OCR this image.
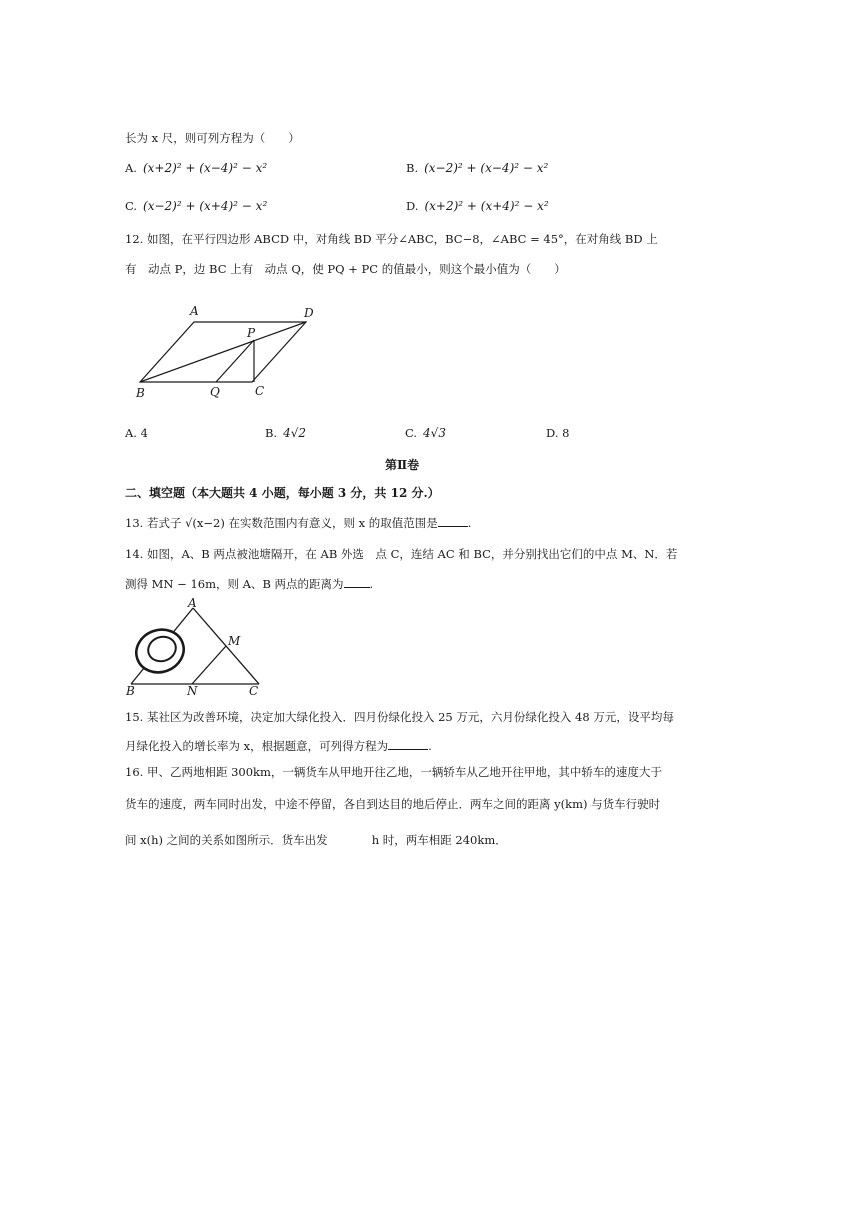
长为 x 尺，则可列方程为（　　）
A. (x+2)² + (x−4)² − x²	B. (x−2)² + (x−4)² − x²
C. (x−2)² + (x+4)² − x²	D. (x+2)² + (x+4)² − x²
12. 如图，在平行四边形 ABCD 中，对角线 BD 平分∠ABC，BC−8，∠ABC = 45°，在对角线 BD 上
有　动点 P，边 BC 上有　动点 Q，使 PQ + PC 的值最小，则这个最小值为（　　）
A	D
P
B	Q	C
A. 4	B. 4√2	C. 4√3	D. 8
第Ⅱ卷
二、填空题（本大题共 4 小题，每小题 3 分，共 12 分.）
13. 若式子 √(x−2) 在实数范围内有意义，则 x 的取值范围是	.
14. 如图，A、B 两点被池塘隔开，在 AB 外选　点 C，连结 AC 和 BC，并分别找出它们的中点 M、N．若
测得 MN − 16m，则 A、B 两点的距离为 .
A
M
B	N	C
15. 某社区为改善环境，决定加大绿化投入．四月份绿化投入 25 万元，六月份绿化投入 48 万元，设平均每
月绿化投入的增长率为 x，根据题意，可列得方程为	.
16. 甲、乙两地相距 300km，一辆货车从甲地开往乙地，一辆轿车从乙地开往甲地，其中轿车的速度大于
货车的速度，两车同时出发，中途不停留，各自到达目的地后停止．两车之间的距离 y(km) 与货车行驶时
间 x(h) 之间的关系如图所示．货车出发	h 时，两车相距 240km．
